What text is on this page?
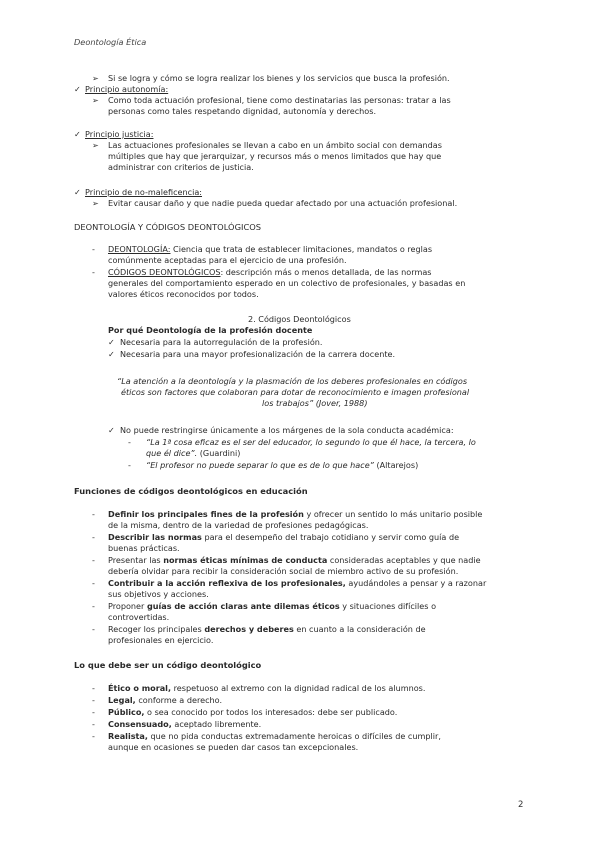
Deontología Ética
➢ Si se logra y cómo se logra realizar los bienes y los servicios que busca la profesión.
✓ Principio autonomía:
➢ Como toda actuación profesional, tiene como destinatarias las personas: tratar a las
personas como tales respetando dignidad, autonomía y derechos.
✓ Principio justicia:
➢ Las actuaciones profesionales se llevan a cabo en un ámbito social con demandas
múltiples que hay que jerarquizar, y recursos más o menos limitados que hay que
administrar con criterios de justicia.
✓ Principio de no-maleficencia:
➢ Evitar causar daño y que nadie pueda quedar afectado por una actuación profesional.
DEONTOLOGÍA Y CÓDIGOS DEONTOLÓGICOS
- DEONTOLOGÍA: Ciencia que trata de establecer limitaciones, mandatos o reglas
comúnmente aceptadas para el ejercicio de una profesión.
- CÓDIGOS DEONTOLÓGICOS: descripción más o menos detallada, de las normas
generales del comportamiento esperado en un colectivo de profesionales, y basadas en
valores éticos reconocidos por todos.
2. Códigos Deontológicos
Por qué Deontología de la profesión docente
✓ Necesaria para la autorregulación de la profesión.
✓ Necesaria para una mayor profesionalización de la carrera docente.
“La atención a la deontología y la plasmación de los deberes profesionales en códigos
éticos son factores que colaboran para dotar de reconocimiento e imagen profesional
los trabajos” (Jover, 1988)
✓ No puede restringirse únicamente a los márgenes de la sola conducta académica:
- “La 1ª cosa eficaz es el ser del educador, lo segundo lo que él hace, la tercera, lo
que él dice”. (Guardini)
- “El profesor no puede separar lo que es de lo que hace” (Altarejos)
Funciones de códigos deontológicos en educación
- Definir los principales fines de la profesión y ofrecer un sentido lo más unitario posible
de la misma, dentro de la variedad de profesiones pedagógicas.
- Describir las normas para el desempeño del trabajo cotidiano y servir como guía de
buenas prácticas.
- Presentar las normas éticas mínimas de conducta consideradas aceptables y que nadie
debería olvidar para recibir la consideración social de miembro activo de su profesión.
- Contribuir a la acción reflexiva de los profesionales, ayudándoles a pensar y a razonar
sus objetivos y acciones.
- Proponer guías de acción claras ante dilemas éticos y situaciones difíciles o
controvertidas.
- Recoger los principales derechos y deberes en cuanto a la consideración de
profesionales en ejercicio.
Lo que debe ser un código deontológico
- Ético o moral, respetuoso al extremo con la dignidad radical de los alumnos.
- Legal, conforme a derecho.
- Público, o sea conocido por todos los interesados: debe ser publicado.
- Consensuado, aceptado libremente.
- Realista, que no pida conductas extremadamente heroicas o difíciles de cumplir,
aunque en ocasiones se pueden dar casos tan excepcionales.
2
